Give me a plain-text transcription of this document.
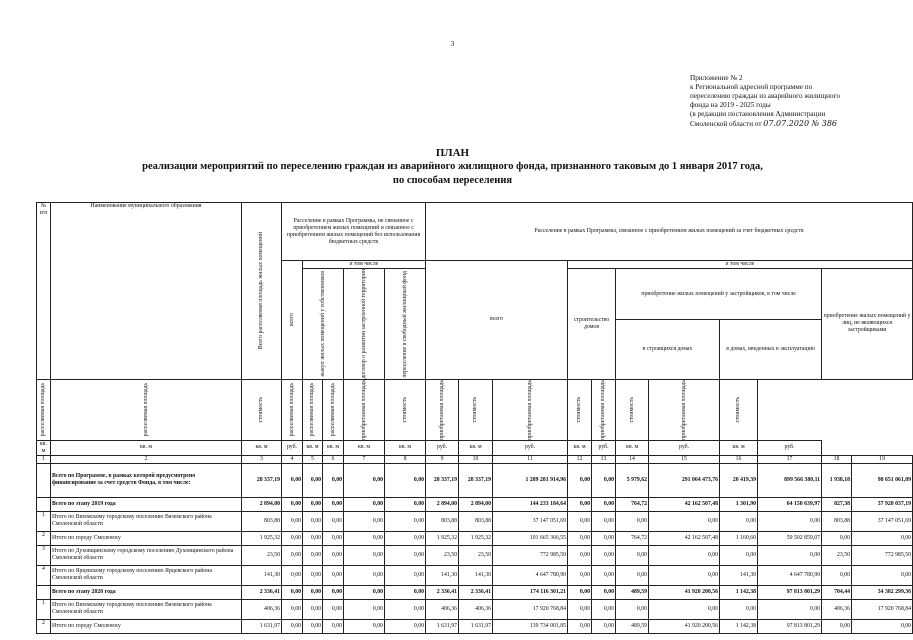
3
Приложение № 2
к Региональной адресной программе по
переселению граждан из аварийного жилищного
фонда на 2019 - 2025 годы
(в редакции постановления Администрации
Смоленской области от 07.07.2020 № 386
ПЛАН
реализации мероприятий по переселению граждан из аварийного жилищного фонда, признанного таковым до 1 января 2017 года,
по способам переселения
№ п/п	Наименование муниципального образования	Всего расселяемая площадь жилых помещений	Расселение в рамках Программы, не связанное с приобретением жилых помещений и связанное с приобретением жилых помещений без использования бюджетных средств					Расселение в рамках Программы, связанное с приобретением жилых помещений за счет бюджетных средств										

			всего	в том числе				всего			в том числе							

				выкуп жилых помещений у собственников		договор о развитии застроенной территории	переселение в свободный жилищный фонд				строительство домов		приобретение жилых помещений у застройщиков, в том числе				приобретение жилых помещений у лиц, не являющихся застройщиками	
													в строящихся домах		в домах, введенных в эксплуатацию			

расселяемая площадь	расселяемая площадь	стоимость	расселяемая площадь	расселяемая площадь	расселяемая площадь	приобретаемая площадь	стоимость	приобретаемая площадь	стоимость	приобретаемая площадь	стоимость	приобретаемая площадь	стоимость	приобретаемая площадь	стоимость			

кв. м	кв. м	кв. м	руб.	кв. м	кв. м	кв. м	кв. м	руб.	кв. м	руб.	кв. м	руб.	кв. м	руб.	кв. м	руб.		
1	2	3	4	5	6	7	8	9	10	11	12	13	14	15	16	17	18	19
	Всего по Программе, в рамках которой предусмотрено финансирование за счет средств Фонда, в том числе:	28 337,19	0,00	0,00	0,00	0,00	0,00	28 337,19	28 337,19	1 289 281 914,96	0,00	0,00	5 979,62	291 064 473,76	20 419,39	899 566 380,11	1 938,18	98 651 061,09
	Всего по этапу 2019 года	2 894,00	0,00	0,00	0,00	0,00	0,00	2 894,00	2 894,00	144 233 184,64	0,00	0,00	764,72	42 162 507,48	1 301,90	64 150 639,97	827,38	37 920 037,19
1	Итого по Вяземскому городскому поселению Вяземского района Смоленской области	803,88	0,00	0,00	0,00	0,00	0,00	803,88	803,88	37 147 051,69	0,00	0,00	0,00	0,00	0,00	0,00	803,88	37 147 051,69
2	Итого по городу Смоленску	1 925,32	0,00	0,00	0,00	0,00	0,00	1 925,32	1 925,32	101 665 366,55	0,00	0,00	764,72	42 162 507,48	1 160,60	59 502 859,07	0,00	0,00
3	Итого по Духовщинскому городскому поселению Духовщинского района Смоленской области	23,50	0,00	0,00	0,00	0,00	0,00	23,50	23,50	772 985,50	0,00	0,00	0,00	0,00	0,00	0,00	23,50	772 985,50
4	Итого по Ярцевскому городскому поселению Ярцевского района Смоленской области	141,30	0,00	0,00	0,00	0,00	0,00	141,30	141,30	4 647 780,90	0,00	0,00	0,00	0,00	141,30	4 647 780,90	0,00	0,00
	Всего по этапу 2020 года	2 336,41	0,00	0,00	0,00	0,00	0,00	2 336,41	2 336,41	174 116 301,21	0,00	0,00	489,59	41 920 200,56	1 142,38	97 813 801,29	704,44	34 382 299,36
1	Итого по Вяземскому городскому поселению Вяземского района Смоленской области	406,36	0,00	0,00	0,00	0,00	0,00	406,36	406,36	17 920 768,84	0,00	0,00	0,00	0,00	0,00	0,00	406,36	17 920 768,84
2	Итого по городу Смоленску	1 631,97	0,00	0,00	0,00	0,00	0,00	1 631,97	1 631,97	139 734 001,85	0,00	0,00	489,59	41 920 200,56	1 142,38	97 813 801,29	0,00	0,00
